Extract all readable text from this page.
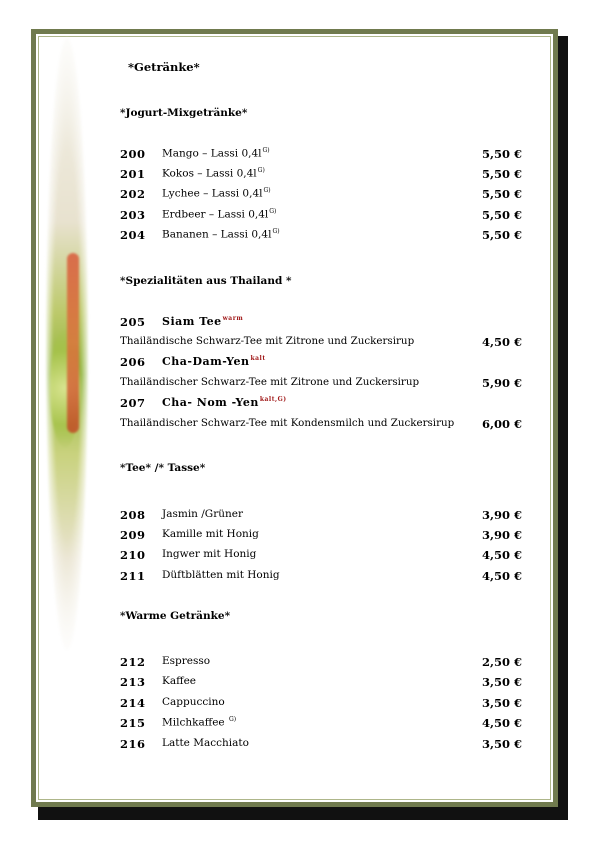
*Getränke*
*Jogurt-Mixgetränke*
200 Mango – Lassi $0,4l^{G)}$	5,50 €
201 Kokos – Lassi $0,4l^{G)}$	5,50 €
202 Lychee – Lassi $0,4l^{G)}$	5,50 €
203 Erdbeer – Lassi $0,4l^{G)}$	5,50 €
204 Bananen – Lassi $0,4l^{G)}$	5,50 €
*Spezialitäten aus Thailand *
205 Siam Tee$^{warm}$
Thailändische Schwarz-Tee mit Zitrone und Zuckersirup	4,50 €
206 Cha-Dam-Yen$^{kalt}$
Thailändischer Schwarz-Tee mit Zitrone und Zuckersirup	5,90 €
207 Cha- Nom -Yen$^{kalt,G)}$
Thailändischer Schwarz-Tee mit Kondensmilch und Zuckersirup 6,00 €
*Tee* /* Tasse*
208 Jasmin /Grüner	3,90 €
209 Kamille mit Honig	3,90 €
210 Ingwer mit Honig	4,50 €
211 Düftblätten mit Honig	4,50 €
*Warme Getränke*
212 Espresso	2,50 €
213 Kaffee	3,50 €
214 Cappuccino	3,50 €
215 Milchkaffee $^{G)}$	4,50 €
216 Latte Macchiato	3,50 €
